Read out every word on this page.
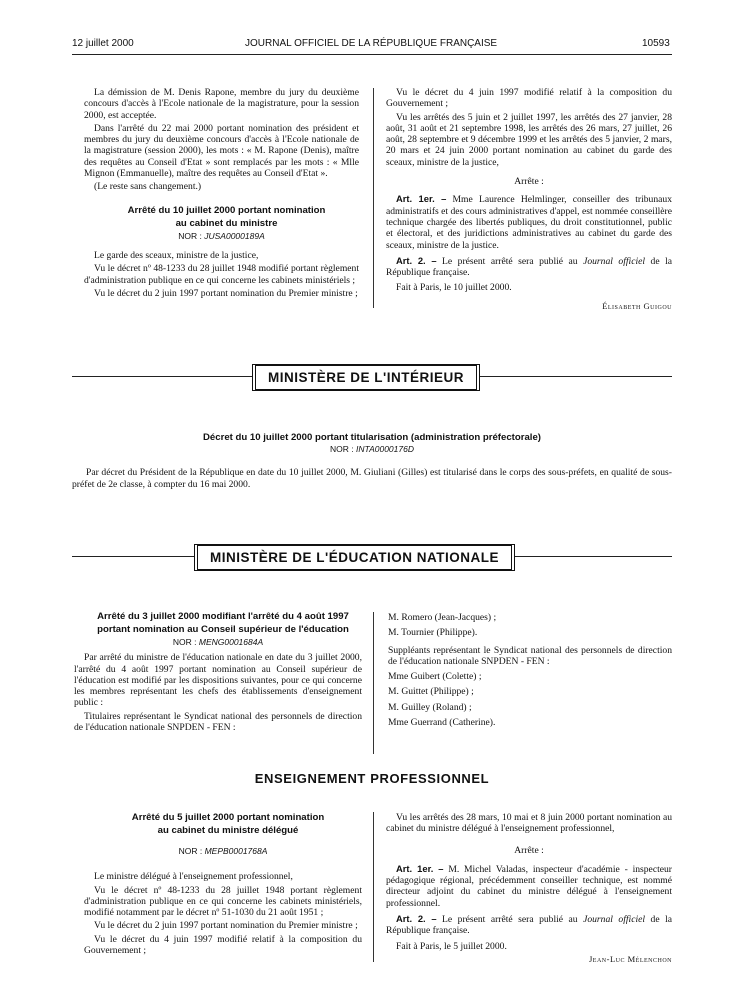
12 juillet 2000	JOURNAL OFFICIEL DE LA RÉPUBLIQUE FRANÇAISE	10593

La démission de M. Denis Rapone, membre du jury du deuxième concours d'accès à l'Ecole nationale de la magistrature, pour la session 2000, est acceptée.

Dans l'arrêté du 22 mai 2000 portant nomination des président et membres du jury du deuxième concours d'accès à l'Ecole nationale de la magistrature (session 2000), les mots : « M. Rapone (Denis), maître des requêtes au Conseil d'Etat » sont remplacés par les mots : « Mlle Mignon (Emmanuelle), maître des requêtes au Conseil d'Etat ».

(Le reste sans changement.)

Arrêté du 10 juillet 2000 portant nomination

au cabinet du ministre

NOR : JUSA0000189A

Le garde des sceaux, ministre de la justice,

Vu le décret nº 48-1233 du 28 juillet 1948 modifié portant règlement d'administration publique en ce qui concerne les cabinets ministériels ;

Vu le décret du 2 juin 1997 portant nomination du Premier ministre ;

Vu le décret du 4 juin 1997 modifié relatif à la composition du Gouvernement ;

Vu les arrêtés des 5 juin et 2 juillet 1997, les arrêtés des 27 janvier, 28 août, 31 août et 21 septembre 1998, les arrêtés des 26 mars, 27 juillet, 26 août, 28 septembre et 9 décembre 1999 et les arrêtés des 5 janvier, 2 mars, 20 mars et 24 juin 2000 portant nomination au cabinet du garde des sceaux, ministre de la justice,

Arrête :

Art. 1er. – Mme Laurence Helmlinger, conseiller des tribunaux administratifs et des cours administratives d'appel, est nommée conseillère technique chargée des libertés publiques, du droit constitutionnel, public et électoral, et des juridictions administratives au cabinet du garde des sceaux, ministre de la justice.

Art. 2. – Le présent arrêté sera publié au Journal officiel de la République française.

Fait à Paris, le 10 juillet 2000.

Élisabeth Guigou
MINISTÈRE DE L'INTÉRIEUR

Décret du 10 juillet 2000 portant titularisation (administration préfectorale)

NOR : INTA0000176D

Par décret du Président de la République en date du 10 juillet 2000, M. Giuliani (Gilles) est titularisé dans le corps des sous-préfets, en qualité de sous-préfet de 2e classe, à compter du 16 mai 2000.

MINISTÈRE DE L'ÉDUCATION NATIONALE

Arrêté du 3 juillet 2000 modifiant l'arrêté du 4 août 1997

portant nomination au Conseil supérieur de l'éducation

NOR : MENG0001684A

Par arrêté du ministre de l'éducation nationale en date du 3 juillet 2000, l'arrêté du 4 août 1997 portant nomination au Conseil supérieur de l'éducation est modifié par les dispositions suivantes, pour ce qui concerne les membres représentant les chefs des établissements d'enseignement public :

Titulaires représentant le Syndicat national des personnels de direction de l'éducation nationale SNPDEN - FEN :

M. Romero (Jean-Jacques) ;

M. Tournier (Philippe).

Suppléants représentant le Syndicat national des personnels de direction de l'éducation nationale SNPDEN - FEN :

Mme Guibert (Colette) ;

M. Guittet (Philippe) ;

M. Guilley (Roland) ;

Mme Guerrand (Catherine).

ENSEIGNEMENT PROFESSIONNEL

Arrêté du 5 juillet 2000 portant nomination

au cabinet du ministre délégué

NOR : MEPB0001768A

Le ministre délégué à l'enseignement professionnel,

Vu le décret nº 48-1233 du 28 juillet 1948 portant règlement d'administration publique en ce qui concerne les cabinets ministériels, modifié notamment par le décret nº 51-1030 du 21 août 1951 ;

Vu le décret du 2 juin 1997 portant nomination du Premier ministre ;

Vu le décret du 4 juin 1997 modifié relatif à la composition du Gouvernement ;

Vu les arrêtés des 28 mars, 10 mai et 8 juin 2000 portant nomination au cabinet du ministre délégué à l'enseignement professionnel,

Arrête :

Art. 1er. – M. Michel Valadas, inspecteur d'académie - inspecteur pédagogique régional, précédemment conseiller technique, est nommé directeur adjoint du cabinet du ministre délégué à l'enseignement professionnel.

Art. 2. – Le présent arrêté sera publié au Journal officiel de la République française.

Fait à Paris, le 5 juillet 2000.

Jean-Luc Mélenchon
